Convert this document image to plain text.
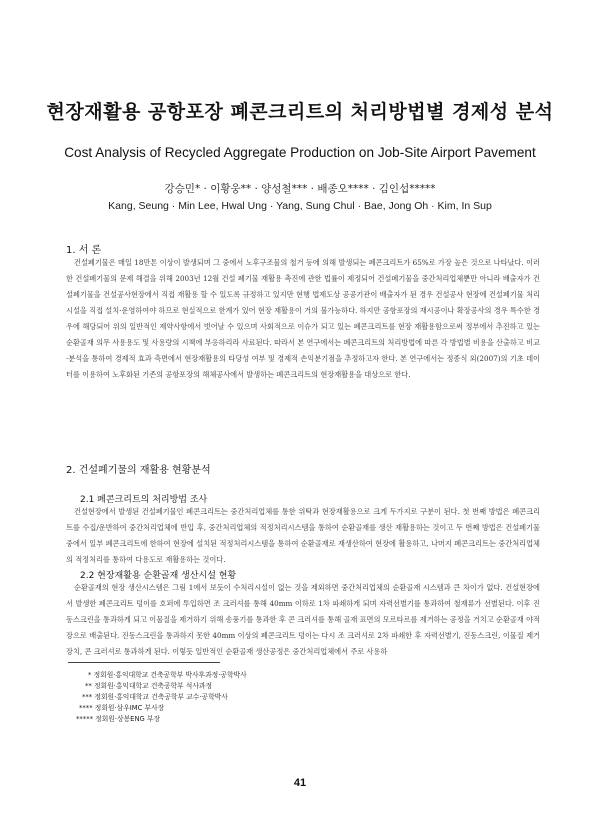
현장재활용 공항포장 폐콘크리트의 처리방법별 경제성 분석
Cost Analysis of Recycled Aggregate Production on Job-Site Airport Pavement
강승민* · 이황웅** · 양성철*** · 배종오**** · 김인섭*****
Kang, Seung · Min Lee, Hwal Ung · Yang, Sung Chul · Bae, Jong Oh · Kim, In Sup
1. 서 론

건설폐기물은 매일 18만톤 이상이 발생되며 그 중에서 노후구조물의 철거 등에 의해 발생되는 폐콘크리트가 65%로 가장 높은 것으로 나타났다. 이러한 건설폐기물의 문제 해결을 위해 2003년 12월 건설 폐기물 재활용 촉진에 관한 법률이 제정되어 건설폐기물을 중간처리업체뿐만 아니라 배출자가 건설폐기물을 건설공사현장에서 직접 재활용 할 수 있도록 규정하고 있지만 현행 법제도상 공공기관이 배출자가 된 경우 건설공사 현장에 건설폐기물 처리시설을 직접 설치·운영하여야 하므로 현실적으로 한계가 있어 현장 재활용이 거의 불가능하다. 하지만 공항포장의 재시공이나 확장공사의 경우 특수한 경우에 해당되어 위의 일반적인 제약사항에서 벗어날 수 있으며 사회적으로 이슈가 되고 있는 폐콘크리트를 현장 재활용함으로써 정부에서 추진하고 있는 순환골재 의무 사용용도 및 사용량의 시책에 부응하리라 사료된다. 따라서 본 연구에서는 폐콘크리트의 처리방법에 따른 각 방법별 비용을 산출하고 비교·분석을 통하여 경제적 효과 측면에서 현장재활용의 타당성 여부 및 경제적 손익분기점을 추정하고자 한다. 본 연구에서는 정종식 외(2007)의 기초 데이터를 이용하여 노후화된 기존의 공항포장의 해체공사에서 발생하는 폐콘크리트의 현장재활용을 대상으로 한다.

2. 건설폐기물의 재활용 현황분석
2.1 폐콘크리트의 처리방법 조사

건설현장에서 발생된 건설폐기물인 폐콘크리트는 중간처리업체를 통한 위탁과 현장재활용으로 크게 두가지로 구분이 된다. 첫 번째 방법은 폐콘크리트를 수집/운반하여 중간처리업체에 반입 후, 중간처리업체의 적정처리시스템을 통하여 순환골재를 생산 재활용하는 것이고 두 번째 방법은 건설폐기물 중에서 일부 폐콘크리트에 한하여 현장에 설치된 적정처리시스템을 통하여 순환골재로 재생산하여 현장에 활용하고, 나머지 폐콘크리트는 중간처리업체의 적정처리를 통하여 다용도로 재활용하는 것이다.

2.2 현장재활용 순환골재 생산시설 현황

순환골재의 현장 생산시스템은 그림 1에서 보듯이 수처리시설이 없는 것을 제외하면 중간처리업체의 순환골재 시스템과 큰 차이가 없다. 건설현장에서 발생한 폐콘크리트 덩이를 호퍼에 투입하면 조 크러셔를 통해 40mm 이하로 1차 파쇄하게 되며 자력선별기를 통과하여 철재류가 선별된다. 이후 진동스크린을 통과하게 되고 이물질을 제거하기 위해 송풍기를 통과한 후 콘 크러셔를 통해 골재 표면의 모르타르를 제거하는 공정을 거치고 순환골재 야적장으로 배출된다. 진동스크린을 통과하지 못한 40mm 이상의 폐콘크리트 덩이는 다시 조 크러셔로 2차 파쇄한 후 자력선별기, 진동스크린, 이물질 제거장치, 콘 크러셔로 통과하게 된다. 이렇듯 일반적인 순환골재 생산공정은 중간처리업체에서 주로 사용하

* 정회원·홍익대학교 건축공학부 박사후과정·공학박사
** 정회원·홍익대학교 건축공학부 석사과정
*** 정회원·홍익대학교 건축공학부 교수·공학박사
**** 정회원·삼우IMC 부사장
***** 정회원·상봉ENG 부장
41
